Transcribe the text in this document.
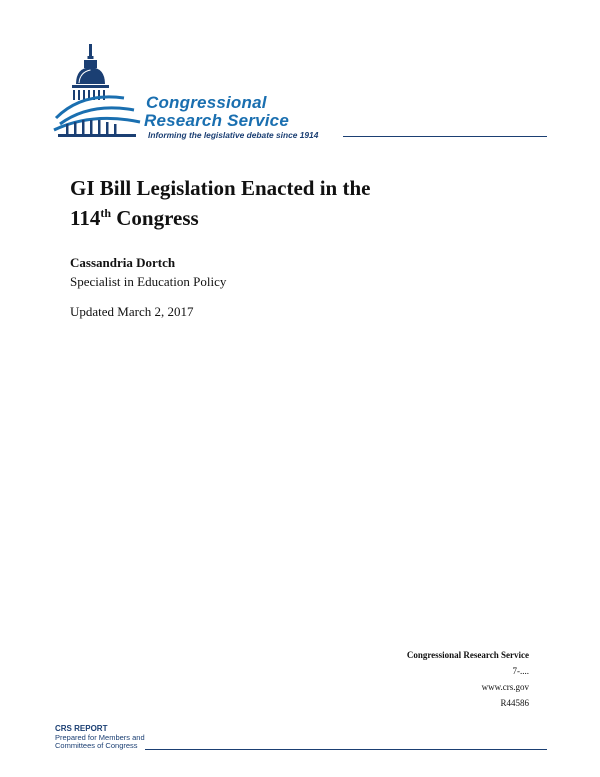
Congressional
Research Service
Informing the legislative debate since 1914
GI Bill Legislation Enacted in the
114th Congress
Cassandria Dortch
Specialist in Education Policy
Updated March 2, 2017
Congressional Research Service
7-....
www.crs.gov
R44586
CRS REPORT
Prepared for Members and
Committees of Congress
